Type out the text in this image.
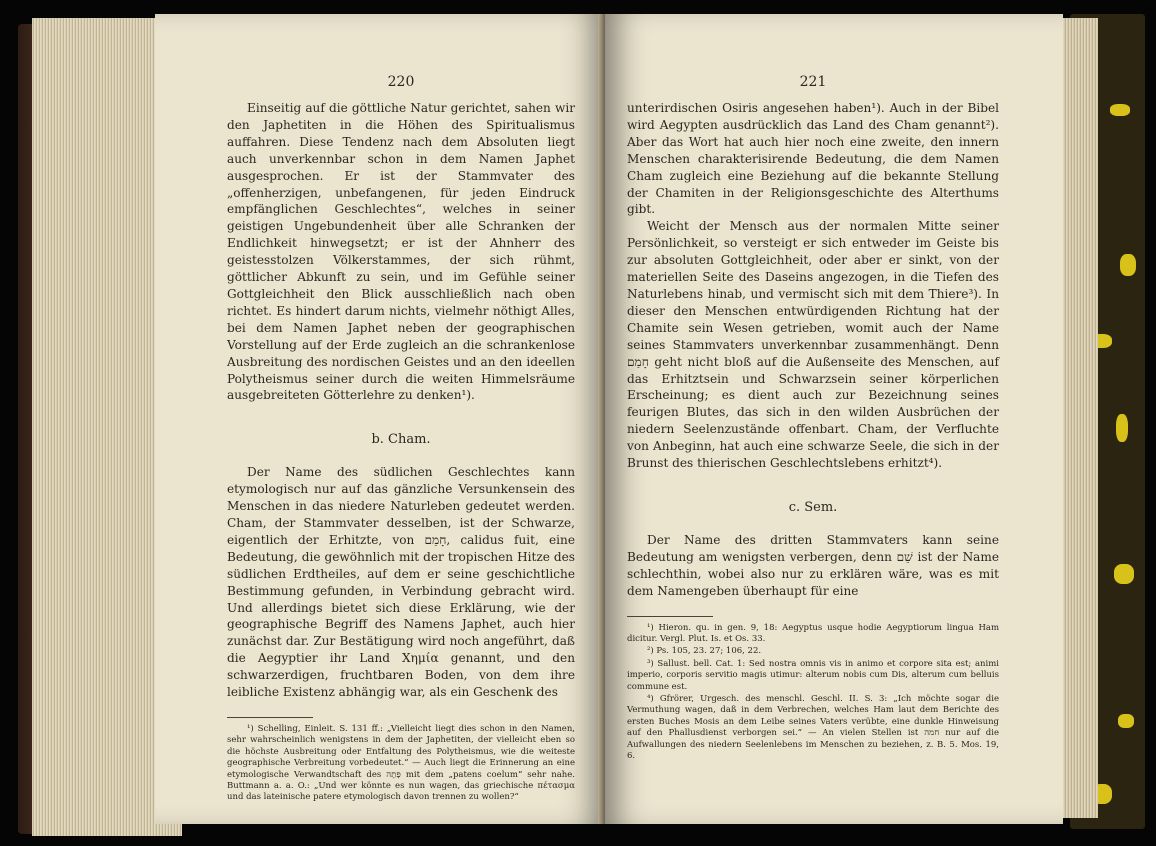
220

Einseitig auf die göttliche Natur gerichtet, sahen wir den Japhetiten in die Höhen des Spiritualismus auffahren. Diese Tendenz nach dem Absoluten liegt auch unverkennbar schon in dem Namen Japhet ausgesprochen. Er ist der Stammvater des „offenherzigen, unbefangenen, für jeden Eindruck empfänglichen Geschlechtes“, welches in seiner geistigen Ungebundenheit über alle Schranken der Endlichkeit hinwegsetzt; er ist der Ahnherr des geistesstolzen Völkerstammes, der sich rühmt, göttlicher Abkunft zu sein, und im Gefühle seiner Gottgleichheit den Blick ausschließlich nach oben richtet. Es hindert darum nichts, vielmehr nöthigt Alles, bei dem Namen Japhet neben der geographischen Vorstellung auf der Erde zugleich an die schrankenlose Ausbreitung des nordischen Geistes und an den ideellen Polytheismus seiner durch die weiten Himmelsräume ausgebreiteten Götterlehre zu denken¹).

b. Cham.

Der Name des südlichen Geschlechtes kann etymologisch nur auf das gänzliche Versunkensein des Menschen in das niedere Naturleben gedeutet werden. Cham, der Stammvater desselben, ist der Schwarze, eigentlich der Erhitzte, von חָמַם, calidus fuit, eine Bedeutung, die gewöhnlich mit der tropischen Hitze des südlichen Erdtheiles, auf dem er seine geschichtliche Bestimmung gefunden, in Verbindung gebracht wird. Und allerdings bietet sich diese Erklärung, wie der geographische Begriff des Namens Japhet, auch hier zunächst dar. Zur Bestätigung wird noch angeführt, daß die Aegyptier ihr Land Χημία genannt, und den schwarzerdigen, fruchtbaren Boden, von dem ihre leibliche Existenz abhängig war, als ein Geschenk des

¹) Schelling, Einleit. S. 131 ff.: „Vielleicht liegt dies schon in den Namen, sehr wahrscheinlich wenigstens in dem der Japhetiten, der vielleicht eben so die höchste Ausbreitung oder Entfaltung des Polytheismus, wie die weiteste geographische Verbreitung vorbedeutet.“ — Auch liegt die Erinnerung an eine etymologische Verwandtschaft des פָּתָה mit dem „patens coelum“ sehr nahe. Buttmann a. a. O.: „Und wer könnte es nun wagen, das griechische πέτασμα und das lateinische patere etymologisch davon trennen zu wollen?“

221

unterirdischen Osiris angesehen haben¹). Auch in der Bibel wird Aegypten ausdrücklich das Land des Cham genannt²). Aber das Wort hat auch hier noch eine zweite, den innern Menschen charakterisirende Bedeutung, die dem Namen Cham zugleich eine Beziehung auf die bekannte Stellung der Chamiten in der Religionsgeschichte des Alterthums gibt.

Weicht der Mensch aus der normalen Mitte seiner Persönlichkeit, so versteigt er sich entweder im Geiste bis zur absoluten Gottgleichheit, oder aber er sinkt, von der materiellen Seite des Daseins angezogen, in die Tiefen des Naturlebens hinab, und vermischt sich mit dem Thiere³). In dieser den Menschen entwürdigenden Richtung hat der Chamite sein Wesen getrieben, womit auch der Name seines Stammvaters unverkennbar zusammenhängt. Denn חָמַם geht nicht bloß auf die Außenseite des Menschen, auf das Erhitztsein und Schwarzsein seiner körperlichen Erscheinung; es dient auch zur Bezeichnung seines feurigen Blutes, das sich in den wilden Ausbrüchen der niedern Seelenzustände offenbart. Cham, der Verfluchte von Anbeginn, hat auch eine schwarze Seele, die sich in der Brunst des thierischen Geschlechtslebens erhitzt⁴).

c. Sem.

Der Name des dritten Stammvaters kann seine Bedeutung am wenigsten verbergen, denn שֵׁם ist der Name schlechthin, wobei also nur zu erklären wäre, was es mit dem Namengeben überhaupt für eine

¹) Hieron. qu. in gen. 9, 18: Aegyptus usque hodie Aegyptiorum lingua Ham dicitur. Vergl. Plut. Is. et Os. 33.

²) Ps. 105, 23. 27; 106, 22.

³) Sallust. bell. Cat. 1: Sed nostra omnis vis in animo et corpore sita est; animi imperio, corporis servitio magis utimur: alterum nobis cum Dis, alterum cum belluis commune est.

⁴) Gfrörer, Urgesch. des menschl. Geschl. II. S. 3: „Ich möchte sogar die Vermuthung wagen, daß in dem Verbrechen, welches Ham laut dem Berichte des ersten Buches Mosis an dem Leibe seines Vaters verübte, eine dunkle Hinweisung auf den Phallusdienst verborgen sei.“ — An vielen Stellen ist חמה nur auf die Aufwallungen des niedern Seelenlebens im Menschen zu beziehen, z. B. 5. Mos. 19, 6.
